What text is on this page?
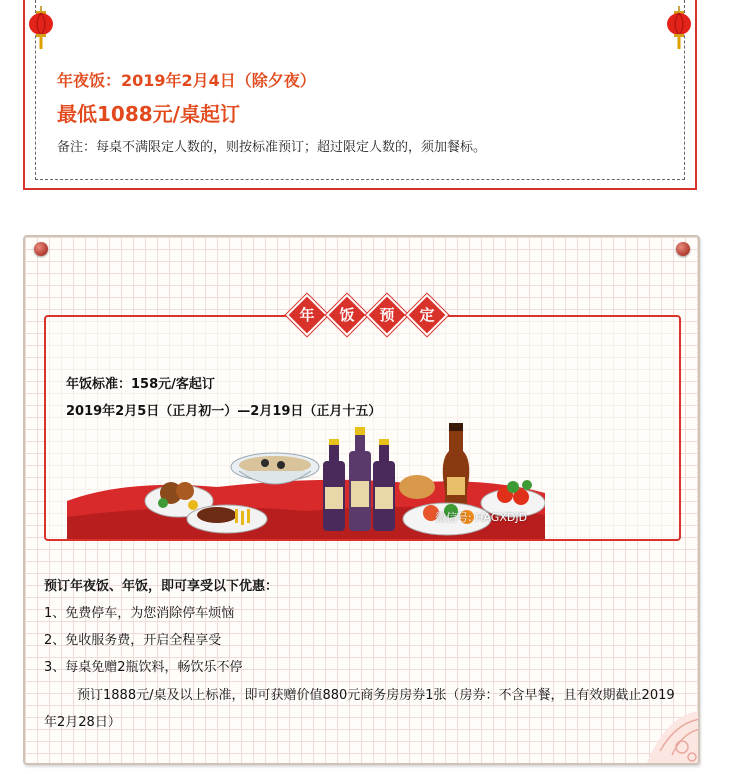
年夜饭：2019年2月4日（除夕夜）
最低1088元/桌起订
备注：每桌不满限定人数的，则按标准预订；超过限定人数的，须加餐标。
年	饭	预	定
年饭标准：158元/客起订
2019年2月5日（正月初一）—2月19日（正月十五）
微信号: HAGXDJD
预订年夜饭、年饭，即可享受以下优惠：
1、免费停车，为您消除停车烦恼
2、免收服务费，开启全程享受
3、每桌免赠2瓶饮料，畅饮乐不停
预订1888元/桌及以上标准，即可获赠价值880元商务房房券1张（房券：不含早餐，且有效期截止2019年2月28日）
